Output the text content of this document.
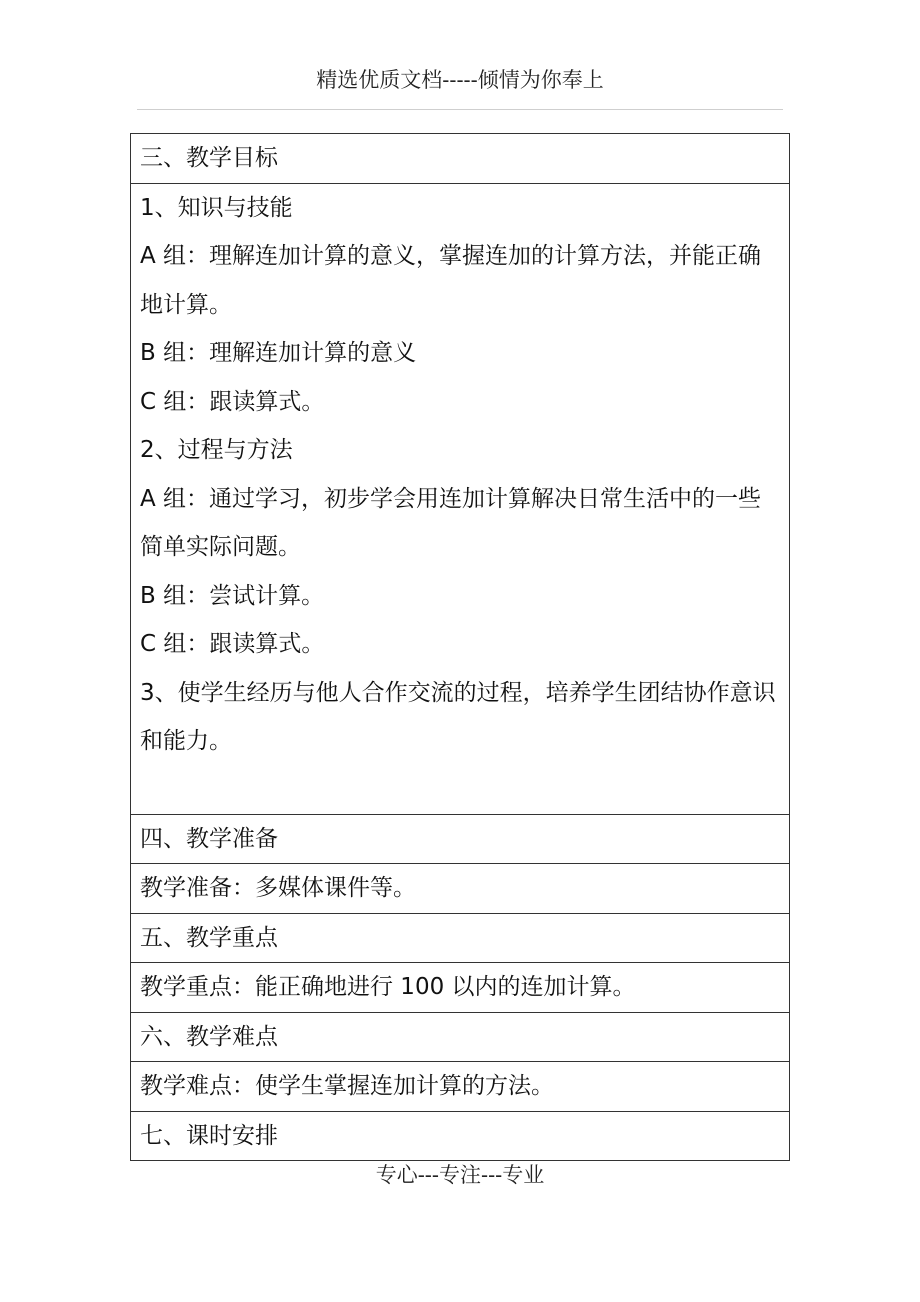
精选优质文档-----倾情为你奉上
三、教学目标

1、知识与技能
A 组：理解连加计算的意义，掌握连加的计算方法，并能正确地计算。
B 组：理解连加计算的意义
C 组：跟读算式。
2、过程与方法
A 组：通过学习，初步学会用连加计算解决日常生活中的一些简单实际问题。
B 组：尝试计算。
C 组：跟读算式。
3、使学生经历与他人合作交流的过程，培养学生团结协作意识和能力。

四、教学准备
教学准备：多媒体课件等。
五、教学重点
教学重点：能正确地进行 100 以内的连加计算。
六、教学难点
教学难点：使学生掌握连加计算的方法。
七、课时安排
专心---专注---专业
